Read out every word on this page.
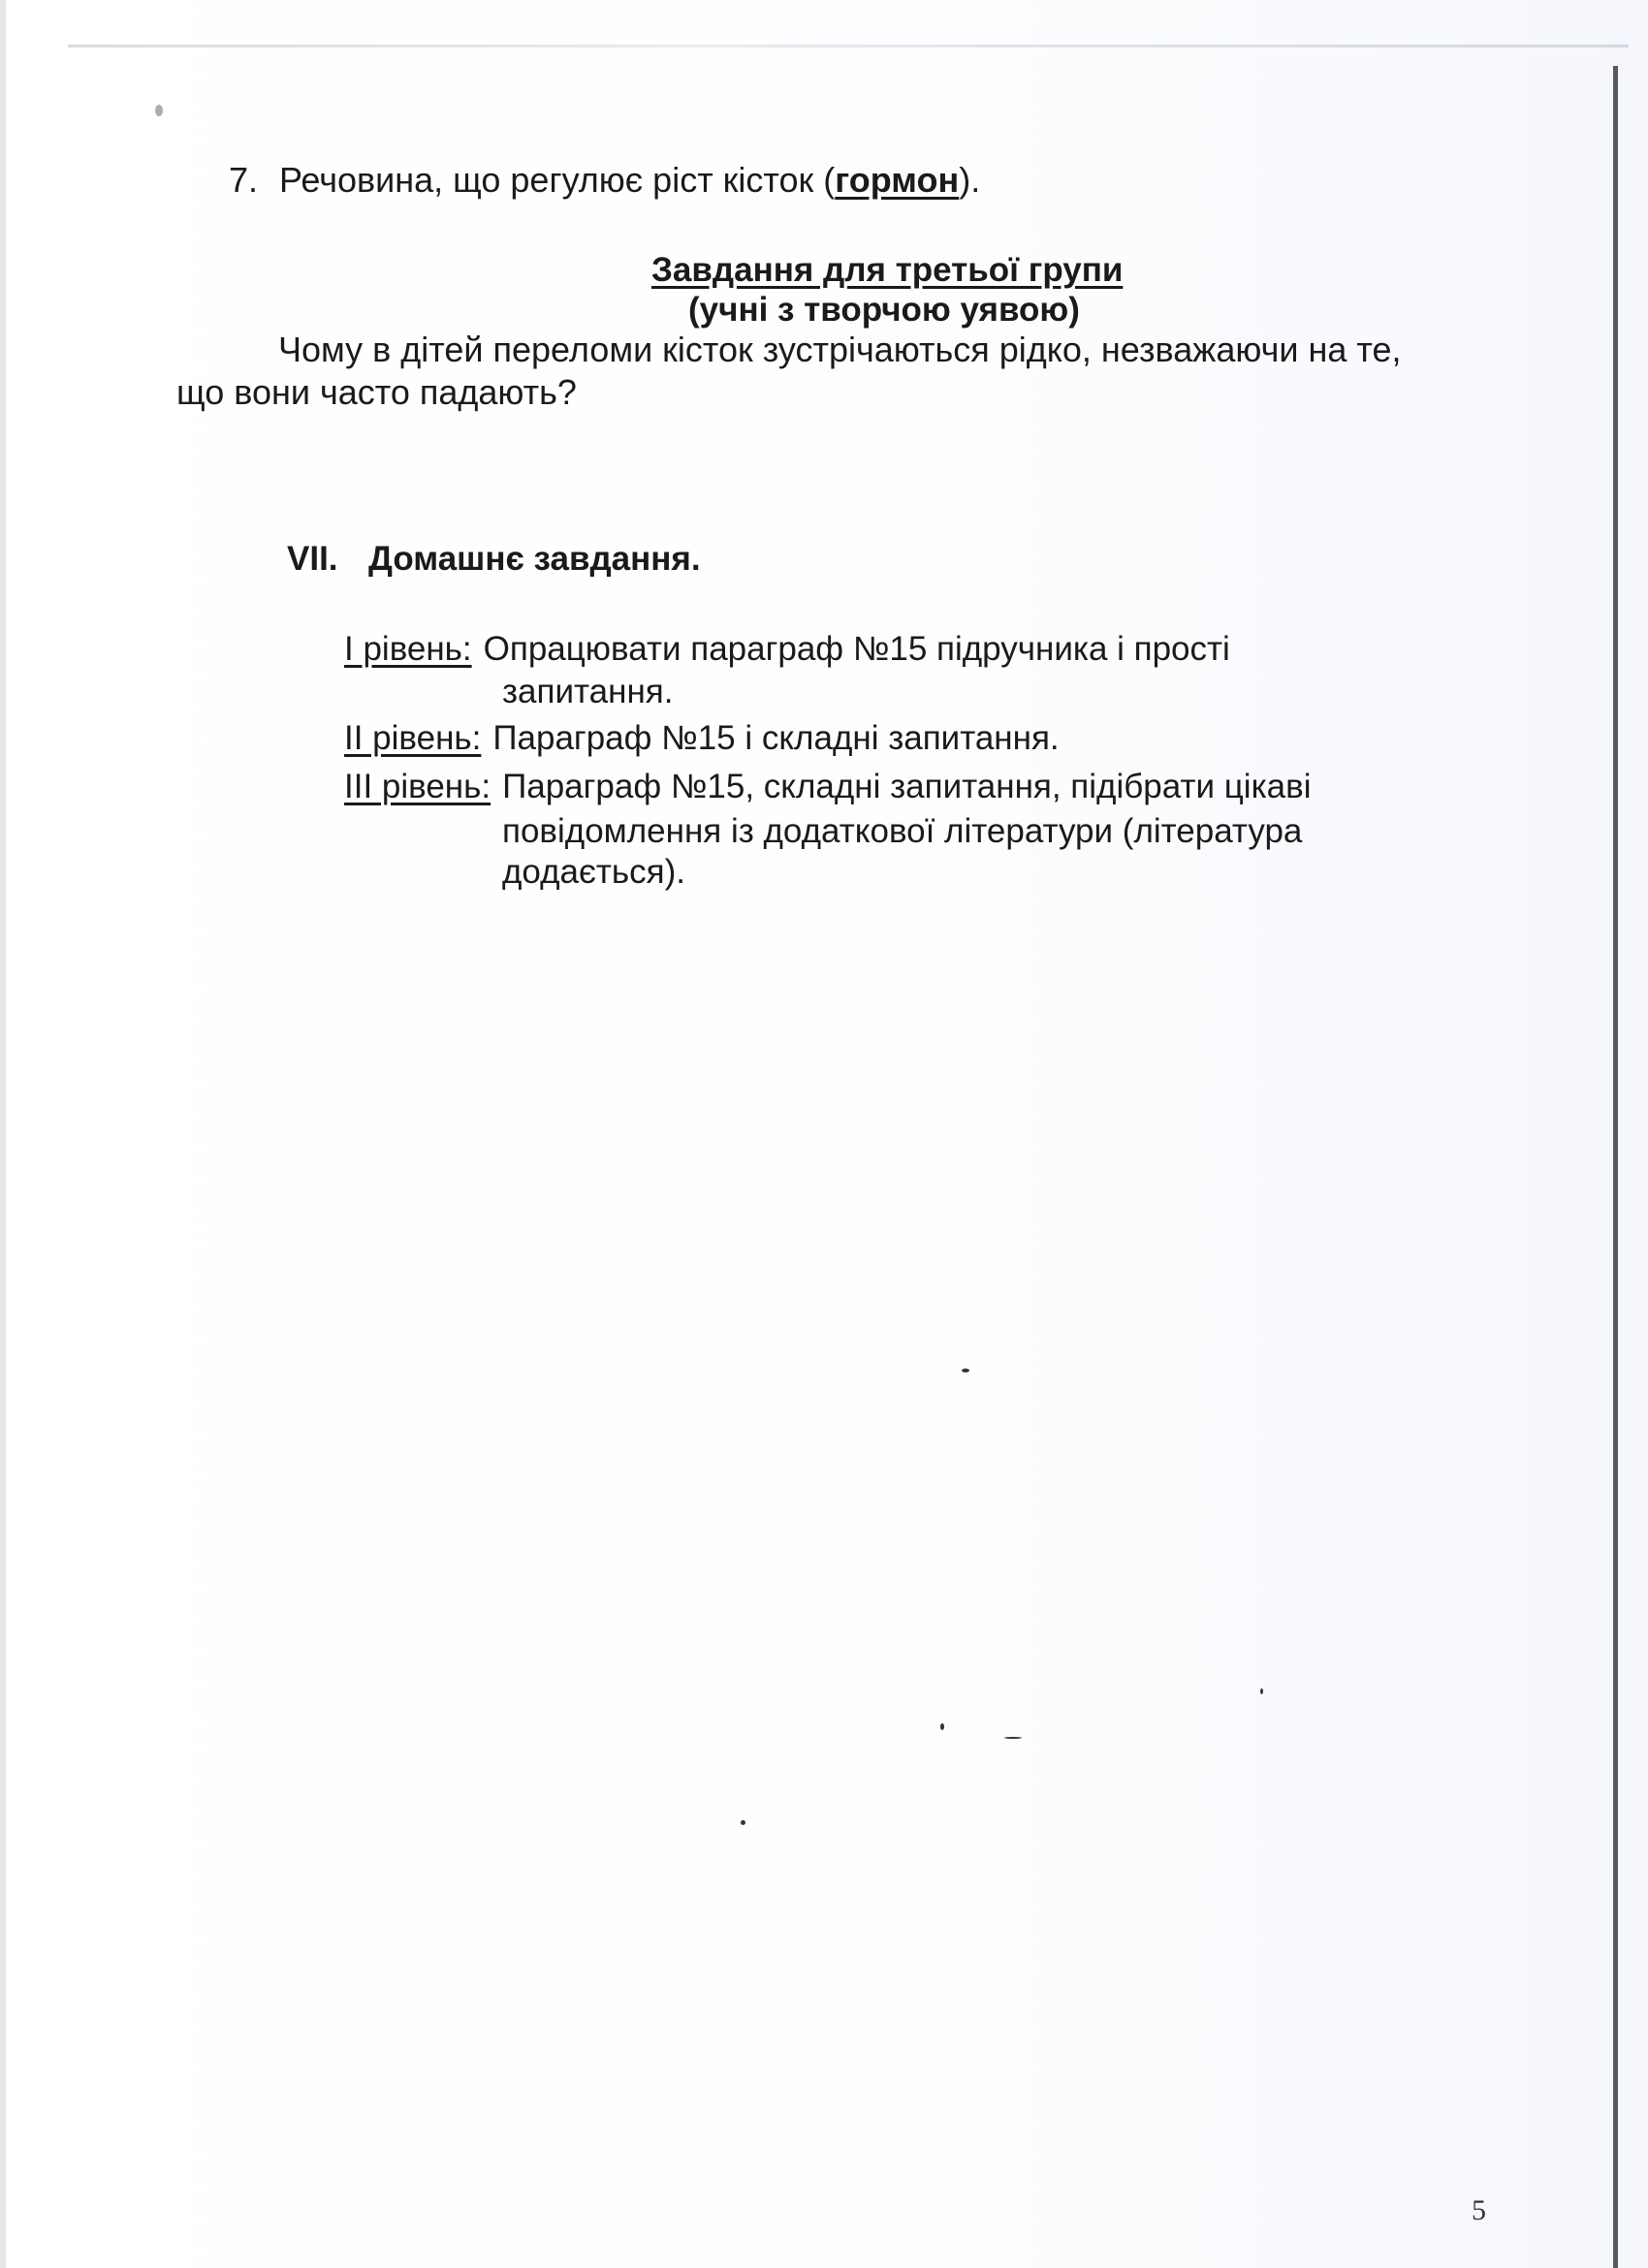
7. Речовина, що регулює ріст кісток (гормон).
Завдання для третьої групи
(учні з творчою уявою)
Чому в дітей переломи кісток зустрічаються рідко, незважаючи на те,
що вони часто падають?
VII. Домашнє завдання.
І рівень: Опрацювати параграф №15 підручника і прості
запитання.
ІІ рівень: Параграф №15 і складні запитання.
ІІІ рівень: Параграф №15, складні запитання, підібрати цікаві
повідомлення із додаткової літератури (література
додається).
5
